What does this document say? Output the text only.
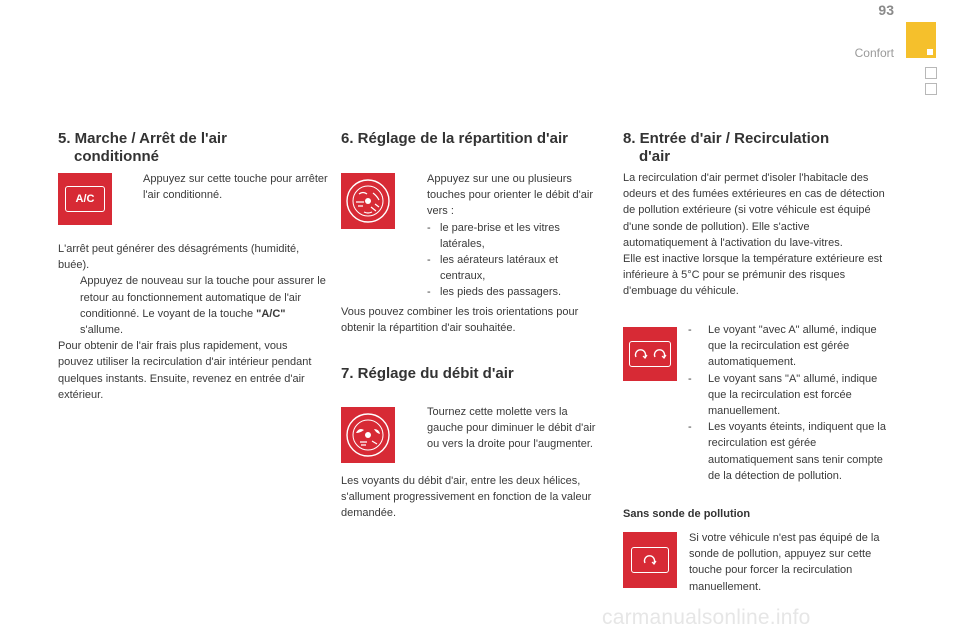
93
Confort
5. Marche / Arrêt de l'air
conditionné
A/C
Appuyez sur cette touche pour arrêter l'air conditionné.

L'arrêt peut générer des désagréments (humidité, buée).

Appuyez de nouveau sur la touche pour assurer le retour au fonctionnement automatique de l'air conditionné. Le voyant de la touche "A/C" s'allume.

Pour obtenir de l'air frais plus rapidement, vous pouvez utiliser la recirculation d'air intérieur pendant quelques instants. Ensuite, revenez en entrée d'air extérieur.

6. Réglage de la répartition d'air
Appuyez sur une ou plusieurs touches pour orienter le débit d'air vers :
- le pare-brise et les vitres latérales,
- les aérateurs latéraux et centraux,
- les pieds des passagers.
Vous pouvez combiner les trois orientations pour obtenir la répartition d'air souhaitée.
7. Réglage du débit d'air
Tournez cette molette vers la gauche pour diminuer le débit d'air ou vers la droite pour l'augmenter.
Les voyants du débit d'air, entre les deux hélices, s'allument progressivement en fonction de la valeur demandée.
8. Entrée d'air / Recirculation
d'air

La recirculation d'air permet d'isoler l'habitacle des odeurs et des fumées extérieures en cas de détection de pollution extérieure (si votre véhicule est équipé d'une sonde de pollution). Elle s'active automatiquement à l'activation du lave-vitres.

Elle est inactive lorsque la température extérieure est inférieure à 5°C pour se prémunir des risques d'embuage du véhicule.

- Le voyant "avec A" allumé, indique que la recirculation est gérée automatiquement.
- Le voyant sans "A" allumé, indique que la recirculation est forcée manuellement.
- Les voyants éteints, indiquent que la recirculation est gérée automatiquement sans tenir compte de la détection de pollution.
Sans sonde de pollution
Si votre véhicule n'est pas équipé de la sonde de pollution, appuyez sur cette touche pour forcer la recirculation manuellement.
carmanualsonline.info
